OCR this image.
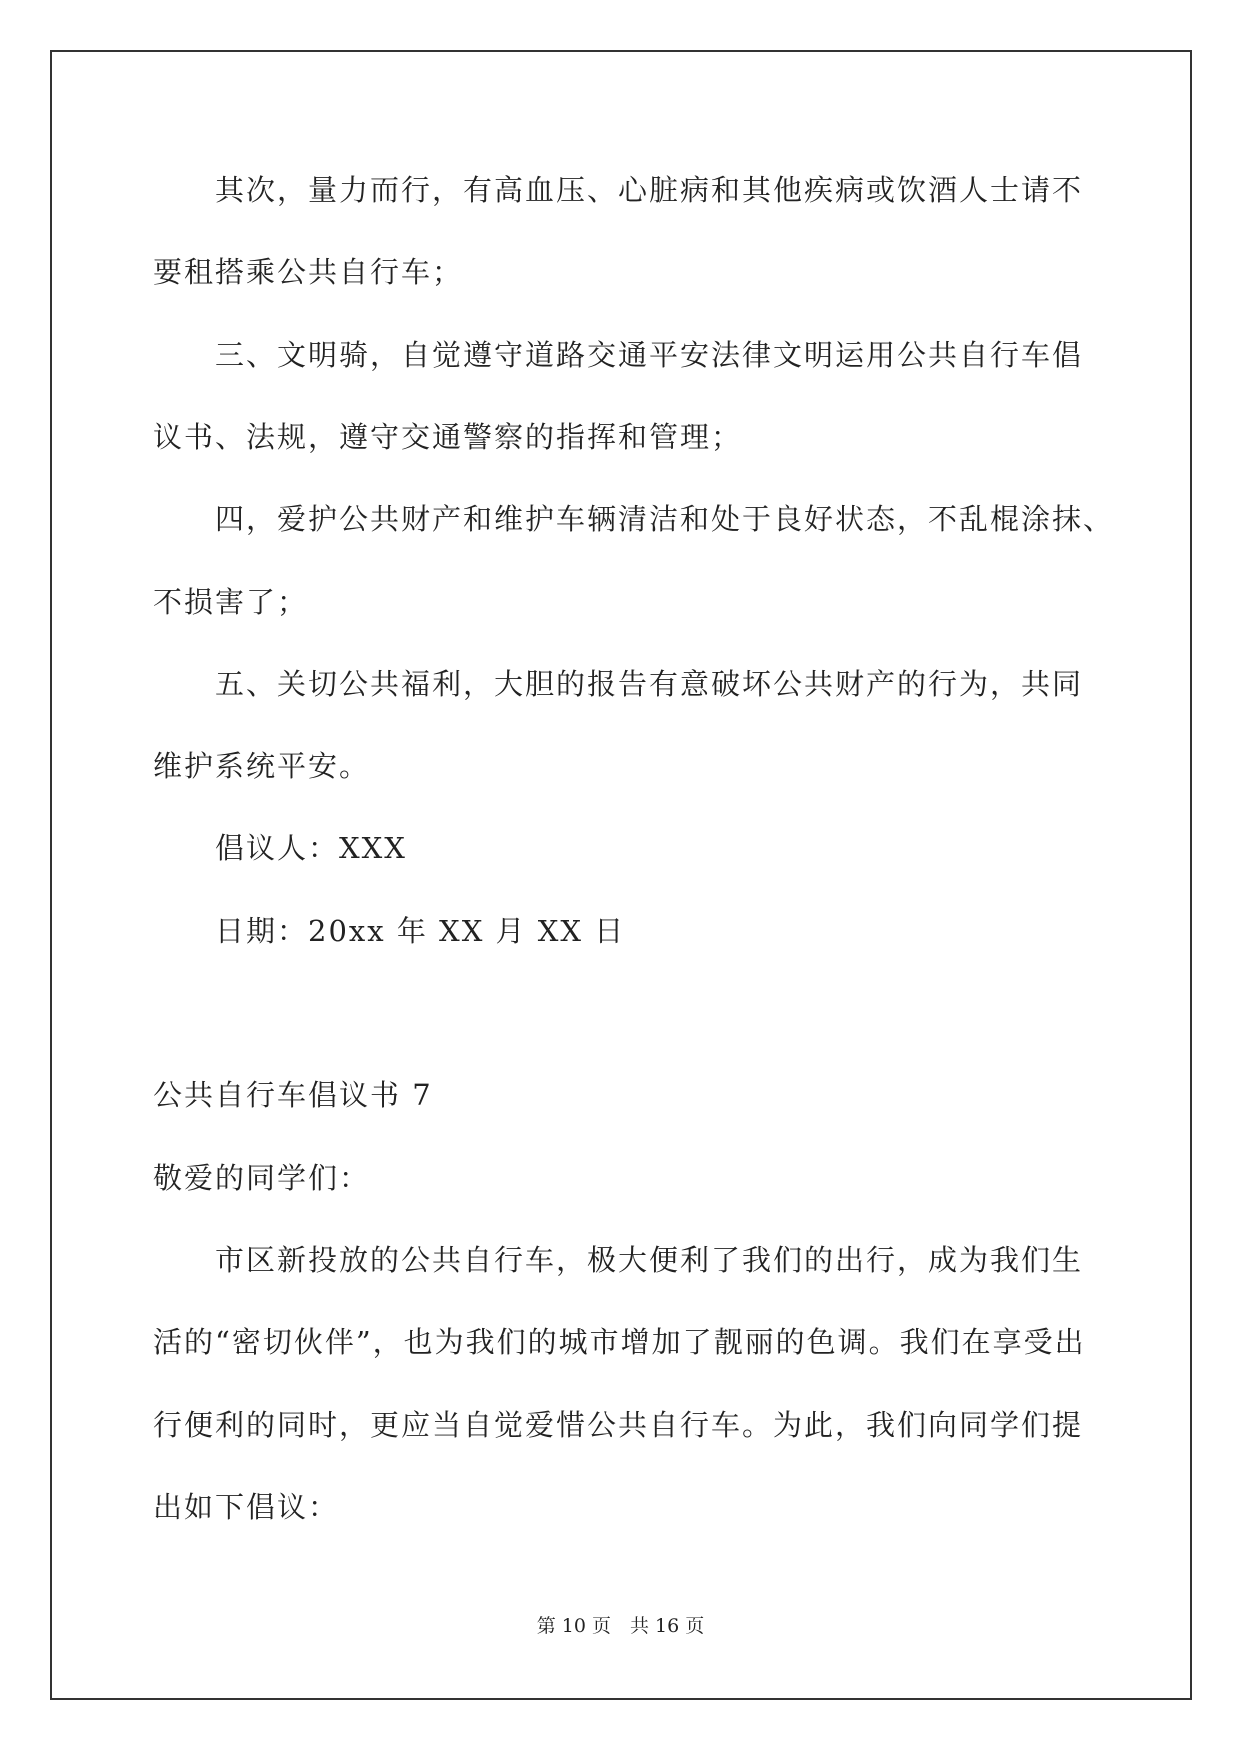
其次，量力而行，有高血压、心脏病和其他疾病或饮酒人士请不
要租搭乘公共自行车；
三、文明骑，自觉遵守道路交通平安法律文明运用公共自行车倡
议书、法规，遵守交通警察的指挥和管理；
四，爱护公共财产和维护车辆清洁和处于良好状态，不乱棍涂抹、
不损害了；
五、关切公共福利，大胆的报告有意破坏公共财产的行为，共同
维护系统平安。
倡议人：XXX
日期：20xx 年 XX 月 XX 日
公共自行车倡议书 7
敬爱的同学们：
市区新投放的公共自行车，极大便利了我们的出行，成为我们生
活的“密切伙伴”，也为我们的城市增加了靓丽的色调。我们在享受出
行便利的同时，更应当自觉爱惜公共自行车。为此，我们向同学们提
出如下倡议：
第 10 页　共 16 页
